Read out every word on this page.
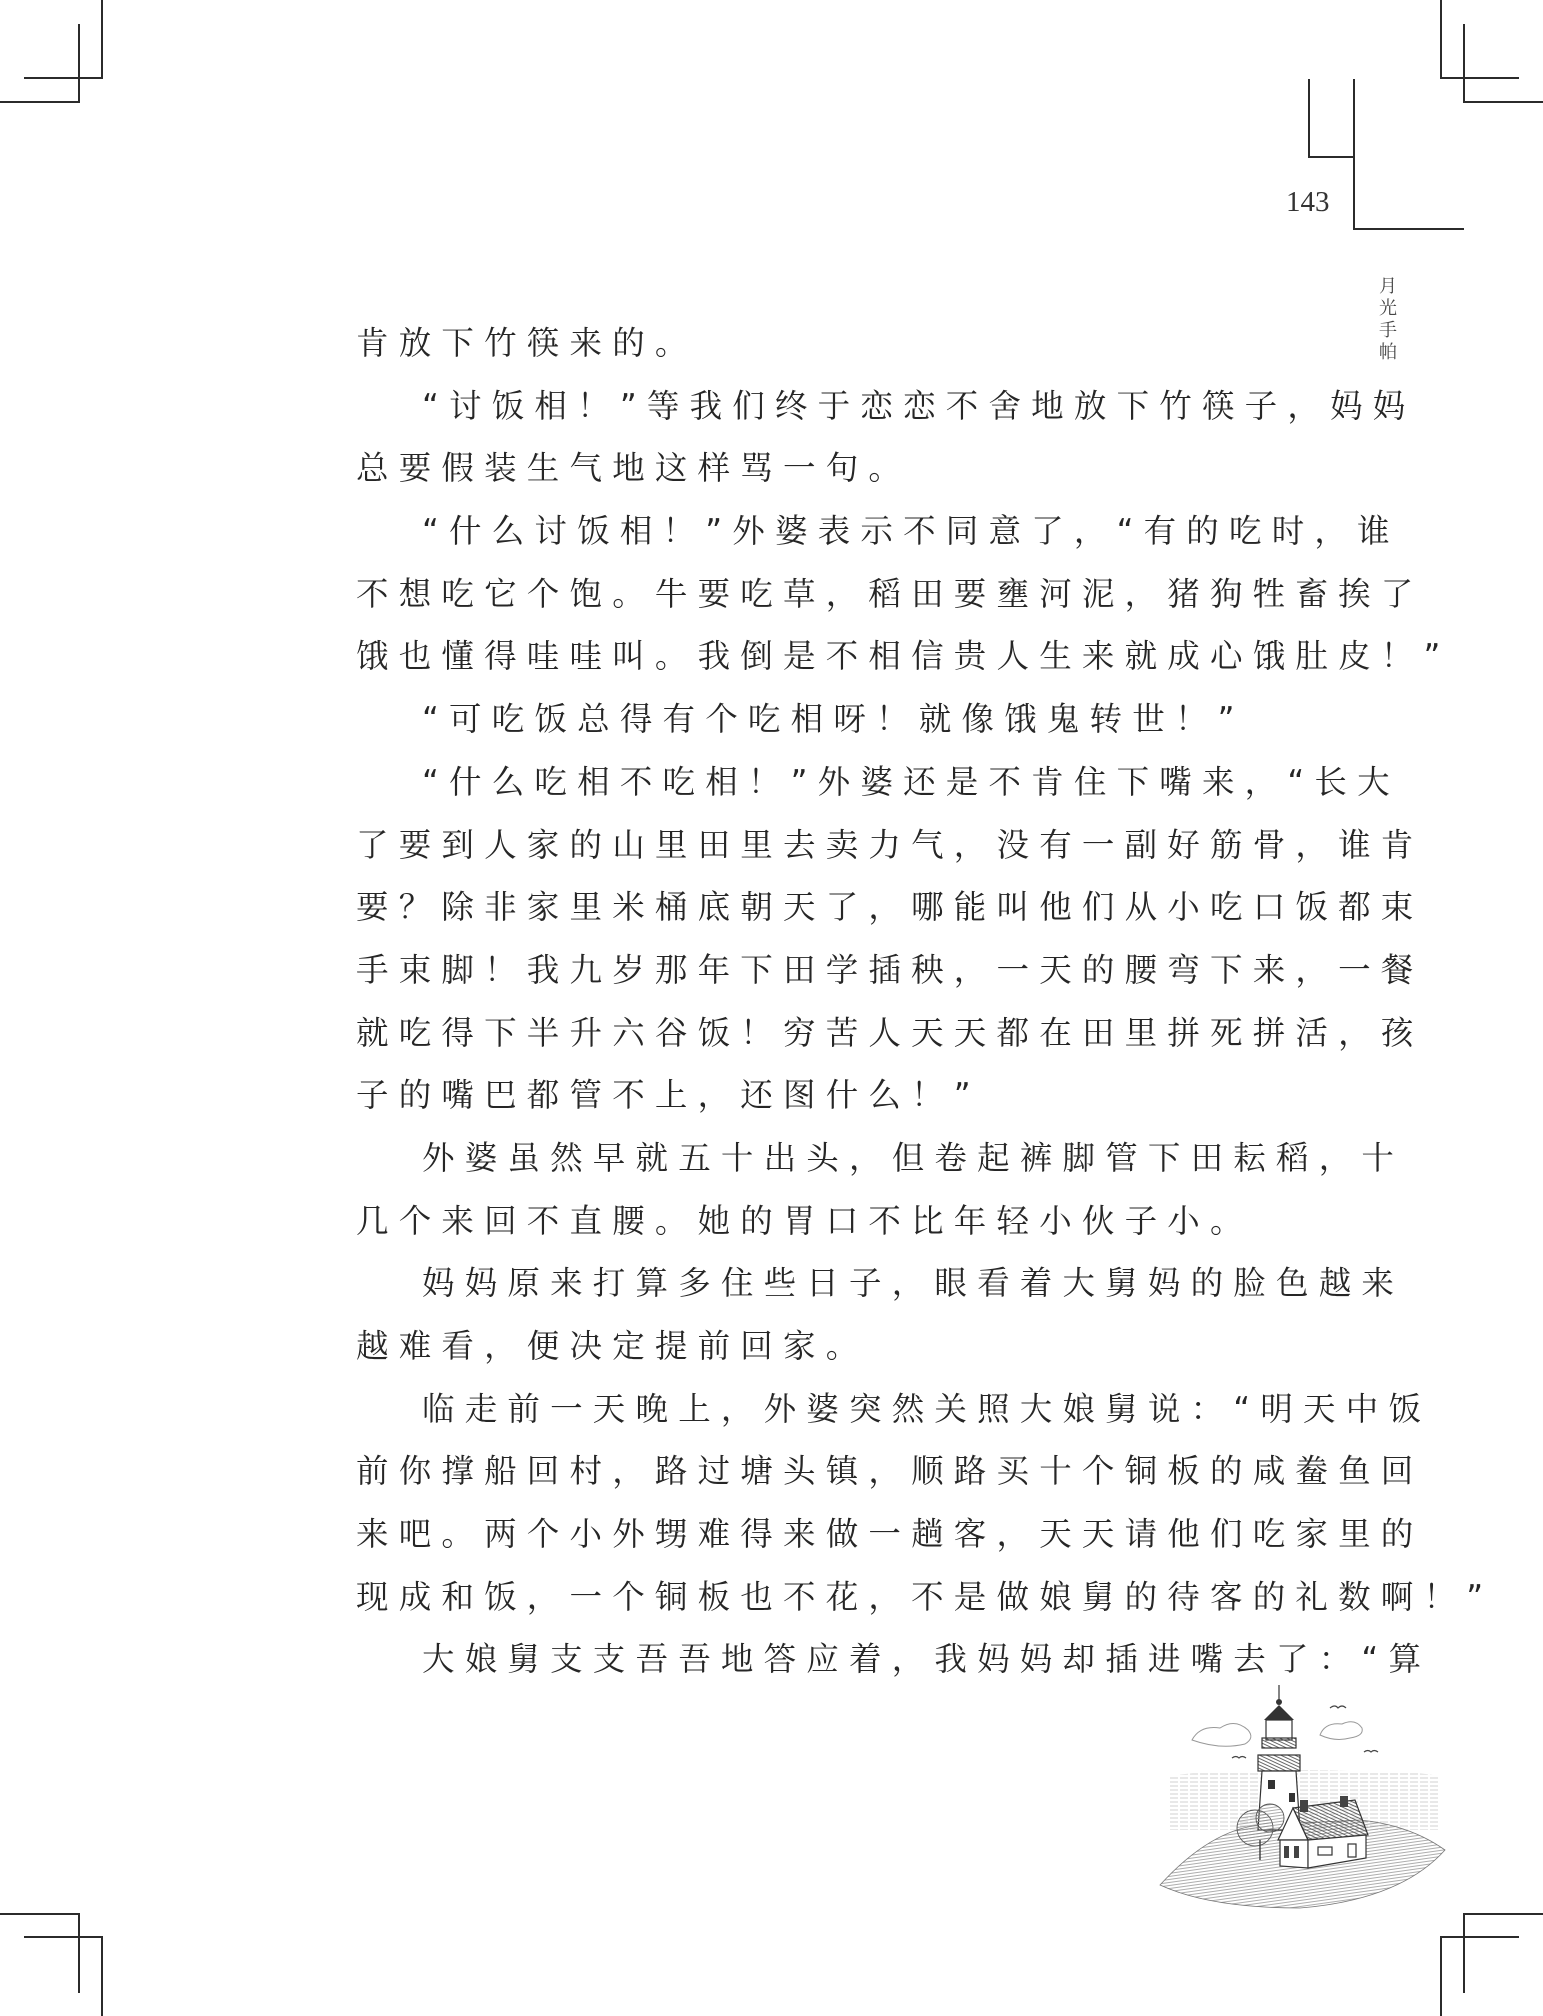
143
月
光
手
帕
肯放下竹筷来的。
“讨饭相！”等我们终于恋恋不舍地放下竹筷子，妈妈
总要假装生气地这样骂一句。
“什么讨饭相！”外婆表示不同意了，“有的吃时，谁
不想吃它个饱。牛要吃草，稻田要壅河泥，猪狗牲畜挨了
饿也懂得哇哇叫。我倒是不相信贵人生来就成心饿肚皮！”
“可吃饭总得有个吃相呀！就像饿鬼转世！”
“什么吃相不吃相！”外婆还是不肯住下嘴来，“长大
了要到人家的山里田里去卖力气，没有一副好筋骨，谁肯
要？除非家里米桶底朝天了，哪能叫他们从小吃口饭都束
手束脚！我九岁那年下田学插秧，一天的腰弯下来，一餐
就吃得下半升六谷饭！穷苦人天天都在田里拼死拼活，孩
子的嘴巴都管不上，还图什么！”
外婆虽然早就五十出头，但卷起裤脚管下田耘稻，十
几个来回不直腰。她的胃口不比年轻小伙子小。
妈妈原来打算多住些日子，眼看着大舅妈的脸色越来
越难看，便决定提前回家。
临走前一天晚上，外婆突然关照大娘舅说：“明天中饭
前你撑船回村，路过塘头镇，顺路买十个铜板的咸鲞鱼回
来吧。两个小外甥难得来做一趟客，天天请他们吃家里的
现成和饭，一个铜板也不花，不是做娘舅的待客的礼数啊！”
大娘舅支支吾吾地答应着，我妈妈却插进嘴去了：“算
